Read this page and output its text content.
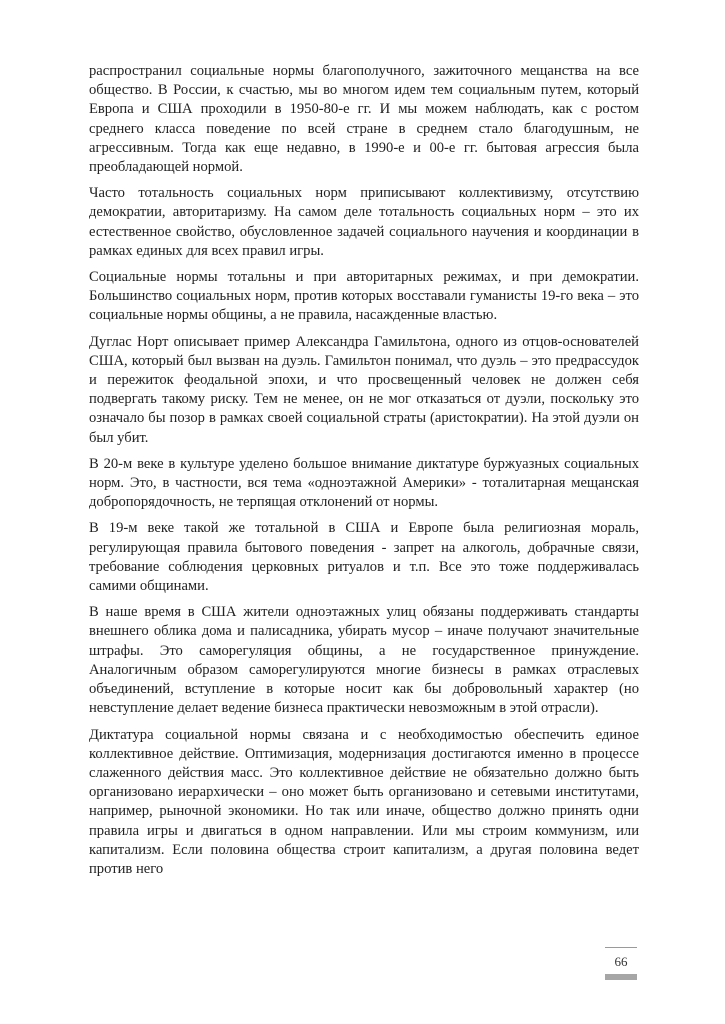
распространил социальные нормы благополучного, зажиточного мещанства на все общество. В России, к счастью, мы во многом идем тем социальным путем, который Европа и США проходили в 1950-80-е гг. И мы можем наблюдать, как с ростом среднего класса поведение по всей стране в среднем стало благодушным, не агрессивным. Тогда как еще недавно, в 1990-е и 00-е гг. бытовая агрессия была преобладающей нормой.

Часто тотальность социальных норм приписывают коллективизму, отсутствию демократии, авторитаризму. На самом деле тотальность социальных норм – это их естественное свойство, обусловленное задачей социального научения и координации в рамках единых для всех правил игры.

Социальные нормы тотальны и при авторитарных режимах, и при демократии. Большинство социальных норм, против которых восставали гуманисты 19-го века – это социальные нормы общины, а не правила, насажденные властью.

Дуглас Норт описывает пример Александра Гамильтона, одного из отцов-основателей США, который был вызван на дуэль. Гамильтон понимал, что дуэль – это предрассудок и пережиток феодальной эпохи, и что просвещенный человек не должен себя подвергать такому риску. Тем не менее, он не мог отказаться от дуэли, поскольку это означало бы позор в рамках своей социальной страты (аристократии). На этой дуэли он был убит.

В 20-м веке в культуре уделено большое внимание диктатуре буржуазных социальных норм. Это, в частности, вся тема «одноэтажной Америки» - тоталитарная мещанская добропорядочность, не терпящая отклонений от нормы.

В 19-м веке такой же тотальной в США и Европе была религиозная мораль, регулирующая правила бытового поведения - запрет на алкоголь, добрачные связи, требование соблюдения церковных ритуалов и т.п. Все это тоже поддерживалась самими общинами.

В наше время в США жители одноэтажных улиц обязаны поддерживать стандарты внешнего облика дома и палисадника, убирать мусор – иначе получают значительные штрафы. Это саморегуляция общины, а не государственное принуждение. Аналогичным образом саморегулируются многие бизнесы в рамках отраслевых объединений, вступление в которые носит как бы добровольный характер (но невступление делает ведение бизнеса практически невозможным в этой отрасли).

Диктатура социальной нормы связана и с необходимостью обеспечить единое коллективное действие. Оптимизация, модернизация достигаются именно в процессе слаженного действия масс. Это коллективное действие не обязательно должно быть организовано иерархически – оно может быть организовано и сетевыми институтами, например, рыночной экономики. Но так или иначе, общество должно принять одни правила игры и двигаться в одном направлении. Или мы строим коммунизм, или капитализм. Если половина общества строит капитализм, а другая половина ведет против него

66
